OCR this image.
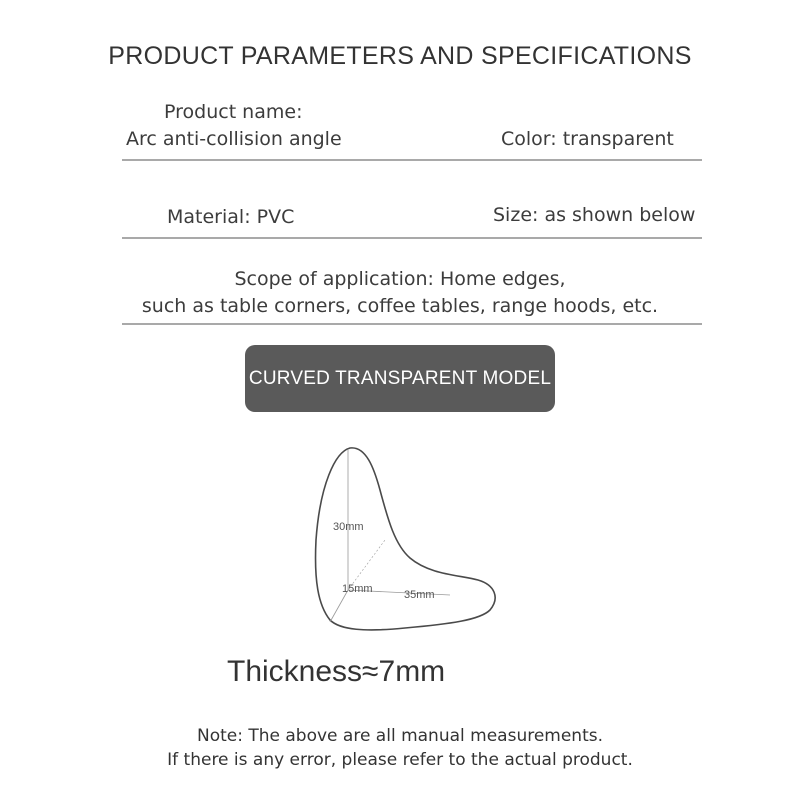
PRODUCT PARAMETERS AND SPECIFICATIONS
Product name:
Arc anti-collision angle	Color: transparent
Material: PVC	Size: as shown below
Scope of application: Home edges,
such as table corners, coffee tables, range hoods, etc.
CURVED TRANSPARENT MODEL
30mm
15mm	35mm
Thickness≈7mm
Note: The above are all manual measurements.
If there is any error, please refer to the actual product.
